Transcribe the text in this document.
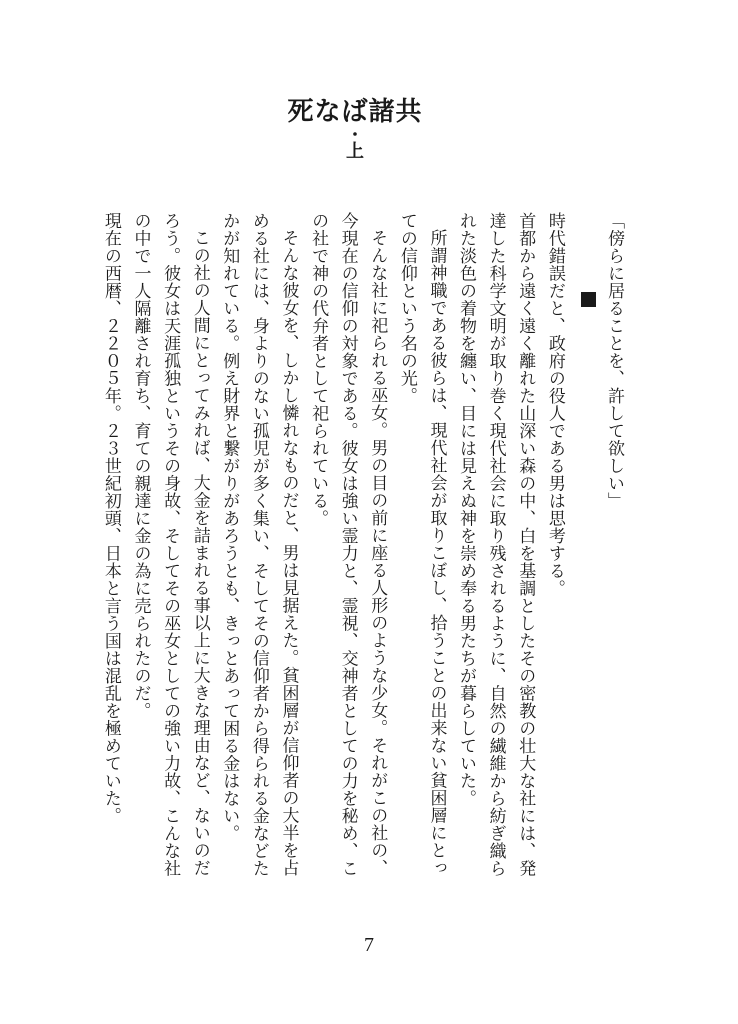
死なば諸共
・
上

「傍らに居ることを、許して欲しい」

時代錯誤だと、政府の役人である男は思考する。

首都から遠く遠く離れた山深い森の中、白を基調としたその密教の壮大な社には、発達した科学文明が取り巻く現代社会に取り残されるように、自然の繊維から紡ぎ織られた淡色の着物を纏い、目には見えぬ神を崇め奉る男たちが暮らしていた。

所謂神職である彼らは、現代社会が取りこぼし、拾うことの出来ない貧困層にとっての信仰という名の光。

そんな社に祀られる巫女。男の目の前に座る人形のような少女。それがこの社の、今現在の信仰の対象である。彼女は強い霊力と、霊視、交神者としての力を秘め、この社で神の代弁者として祀られている。

そんな彼女を、しかし憐れなものだと、男は見据えた。貧困層が信仰者の大半を占める社には、身よりのない孤児が多く集い、そしてその信仰者から得られる金などたかが知れている。例え財界と繋がりがあろうとも、きっとあって困る金はない。

この社の人間にとってみれば、大金を詰まれる事以上に大きな理由など、ないのだろう。彼女は天涯孤独というその身故、そしてその巫女としての強い力故、こんな社の中で一人隔離され育ち、育ての親達に金の為に売られたのだ。

現在の西暦、２２０５年。２３世紀初頭、日本と言う国は混乱を極めていた。

7
